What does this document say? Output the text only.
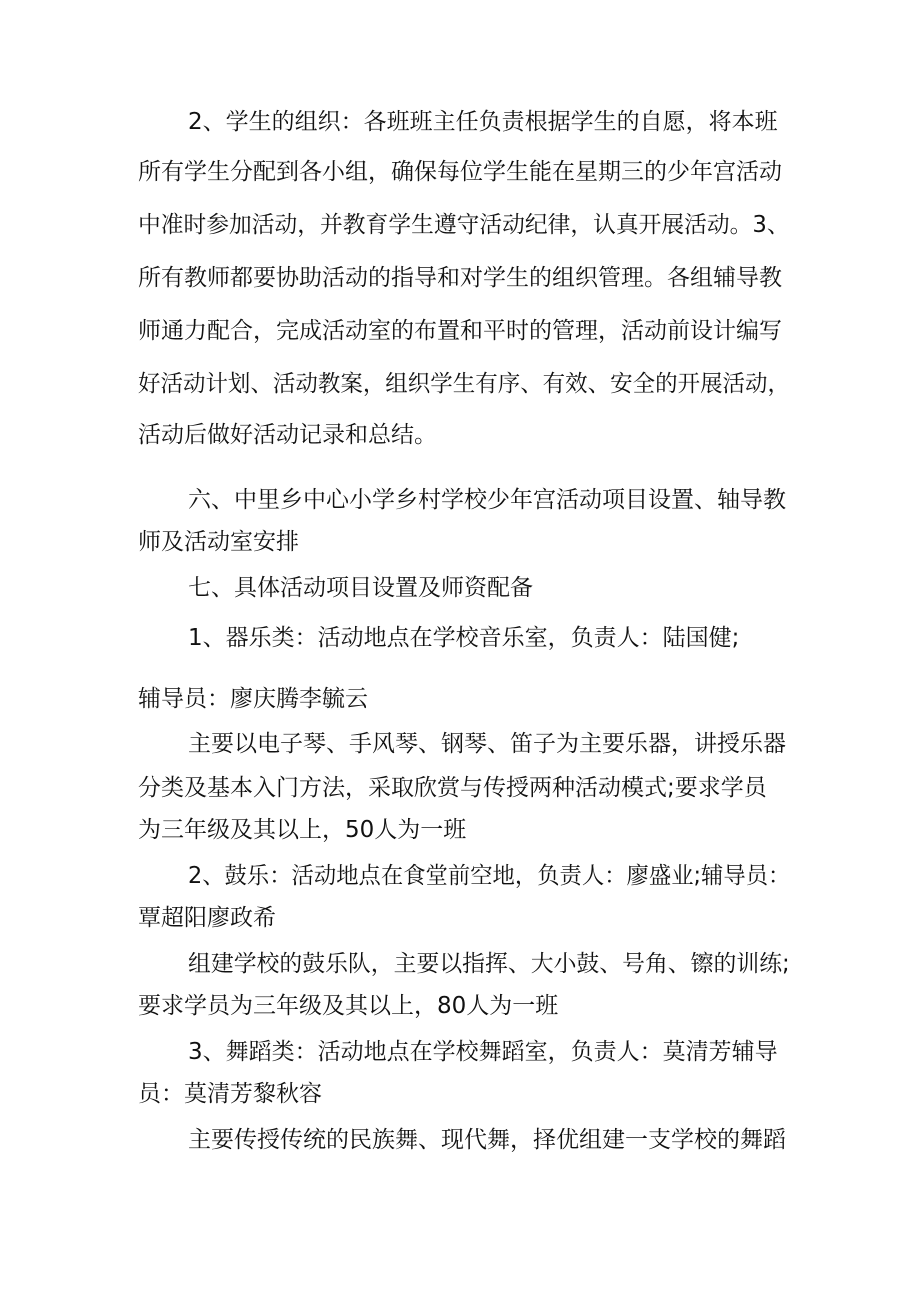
2、学生的组织：各班班主任负责根据学生的自愿，将本班

所有学生分配到各小组，确保每位学生能在星期三的少年宫活动

中准时参加活动，并教育学生遵守活动纪律，认真开展活动。3、

所有教师都要协助活动的指导和对学生的组织管理。各组辅导教

师通力配合，完成活动室的布置和平时的管理，活动前设计编写

好活动计划、活动教案，组织学生有序、有效、安全的开展活动，

活动后做好活动记录和总结。

六、中里乡中心小学乡村学校少年宫活动项目设置、轴导教

师及活动室安排

七、具体活动项目设置及师资配备

1、器乐类：活动地点在学校音乐室，负责人：陆国健;

辅导员：廖庆腾李毓云

主要以电子琴、手风琴、钢琴、笛子为主要乐器，讲授乐器

分类及基本入门方法，采取欣赏与传授两种活动模式;要求学员

为三年级及其以上，50人为一班

2、鼓乐：活动地点在食堂前空地，负责人：廖盛业;辅导员：

覃超阳廖政希

组建学校的鼓乐队，主要以指挥、大小鼓、号角、镲的训练;

要求学员为三年级及其以上，80人为一班

3、舞蹈类：活动地点在学校舞蹈室，负责人：莫清芳辅导

员：莫清芳黎秋容

主要传授传统的民族舞、现代舞，择优组建一支学校的舞蹈
